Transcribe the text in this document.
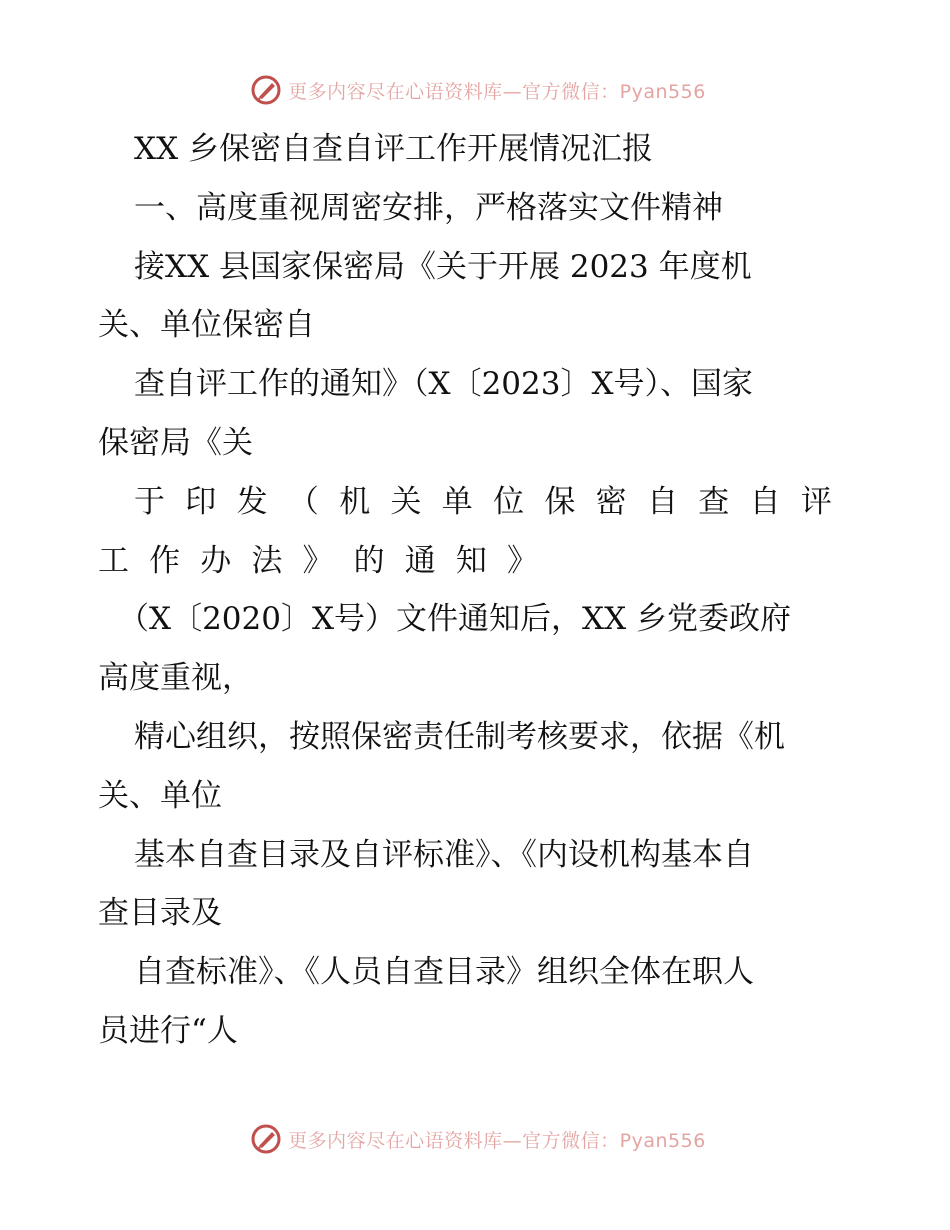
更多内容尽在心语资料库—官方微信：Pyan556
XX 乡保密自查自评工作开展情况汇报
一、高度重视周密安排，严格落实文件精神
接XX 县国家保密局《关于开展 2023 年度机
关、单位保密自
查自评工作的通知》（X〔2023〕X号）、国家
保密局《关
于 印 发 （ 机 关 单 位 保 密 自 查 自 评
工 作 办 法 》 的 通 知 》
（X〔2020〕X号）文件通知后，XX 乡党委政府
高度重视，
精心组织，按照保密责任制考核要求，依据《机
关、单位
基本自查目录及自评标准》、《内设机构基本自
查目录及
自查标准》、《人员自查目录》组织全体在职人
员进行“人
更多内容尽在心语资料库—官方微信：Pyan556
